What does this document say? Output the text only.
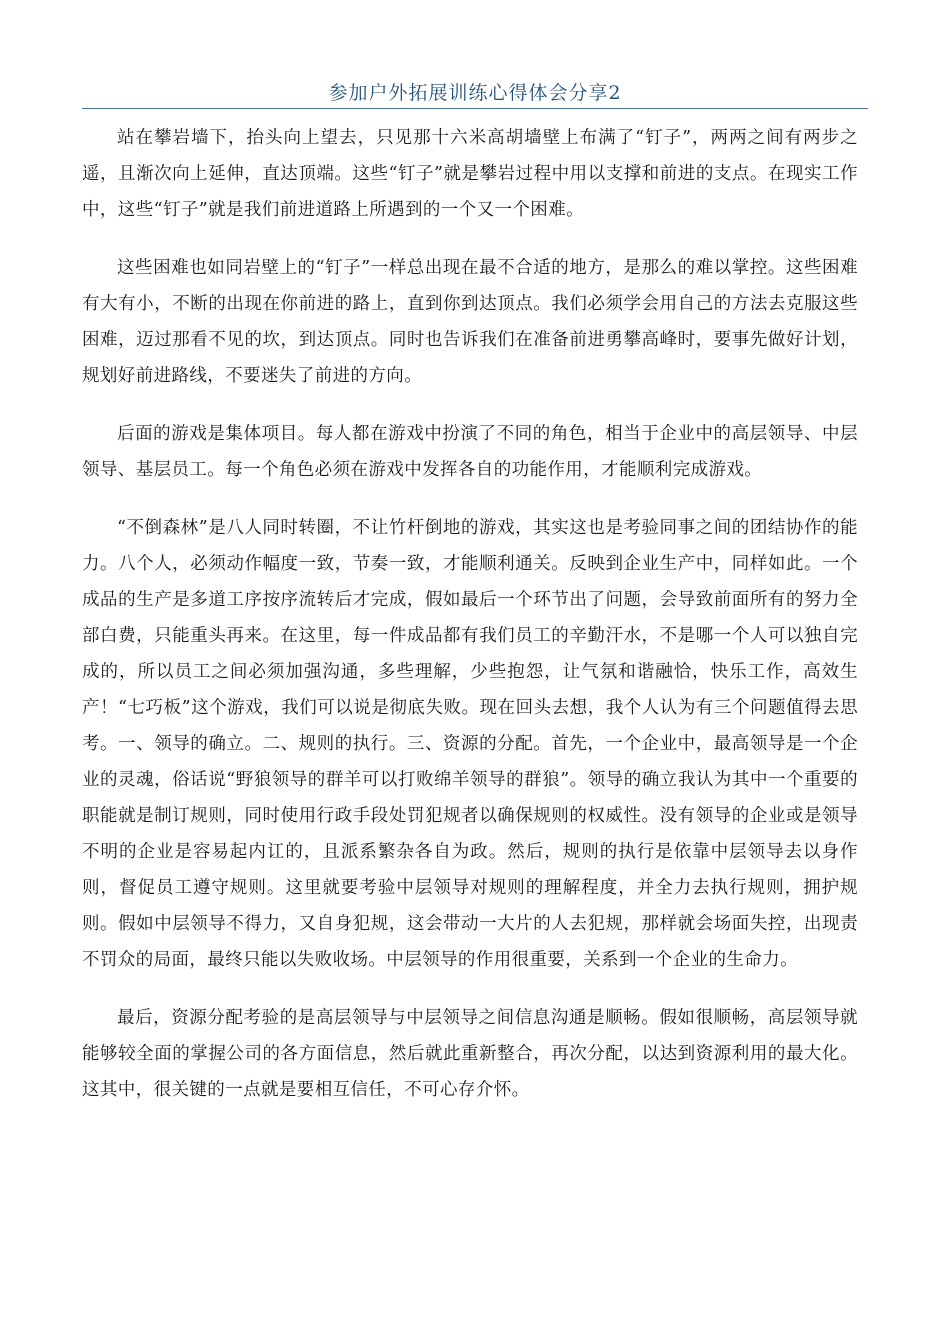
参加户外拓展训练心得体会分享2

站在攀岩墙下，抬头向上望去，只见那十六米高胡墙壁上布满了“钉子”，两两之间有两步之遥，且渐次向上延伸，直达顶端。这些“钉子”就是攀岩过程中用以支撑和前进的支点。在现实工作中，这些“钉子”就是我们前进道路上所遇到的一个又一个困难。

这些困难也如同岩壁上的“钉子”一样总出现在最不合适的地方，是那么的难以掌控。这些困难有大有小，不断的出现在你前进的路上，直到你到达顶点。我们必须学会用自己的方法去克服这些困难，迈过那看不见的坎，到达顶点。同时也告诉我们在准备前进勇攀高峰时，要事先做好计划，规划好前进路线，不要迷失了前进的方向。

后面的游戏是集体项目。每人都在游戏中扮演了不同的角色，相当于企业中的高层领导、中层领导、基层员工。每一个角色必须在游戏中发挥各自的功能作用，才能顺利完成游戏。

“不倒森林”是八人同时转圈，不让竹杆倒地的游戏，其实这也是考验同事之间的团结协作的能力。八个人，必须动作幅度一致，节奏一致，才能顺利通关。反映到企业生产中，同样如此。一个成品的生产是多道工序按序流转后才完成，假如最后一个环节出了问题，会导致前面所有的努力全部白费，只能重头再来。在这里，每一件成品都有我们员工的辛勤汗水，不是哪一个人可以独自完成的，所以员工之间必须加强沟通，多些理解，少些抱怨，让气氛和谐融恰，快乐工作，高效生产！“七巧板”这个游戏，我们可以说是彻底失败。现在回头去想，我个人认为有三个问题值得去思考。一、领导的确立。二、规则的执行。三、资源的分配。首先，一个企业中，最高领导是一个企业的灵魂，俗话说“野狼领导的群羊可以打败绵羊领导的群狼”。领导的确立我认为其中一个重要的职能就是制订规则，同时使用行政手段处罚犯规者以确保规则的权威性。没有领导的企业或是领导不明的企业是容易起内讧的，且派系繁杂各自为政。然后，规则的执行是依靠中层领导去以身作则，督促员工遵守规则。这里就要考验中层领导对规则的理解程度，并全力去执行规则，拥护规则。假如中层领导不得力，又自身犯规，这会带动一大片的人去犯规，那样就会场面失控，出现责不罚众的局面，最终只能以失败收场。中层领导的作用很重要，关系到一个企业的生命力。

最后，资源分配考验的是高层领导与中层领导之间信息沟通是顺畅。假如很顺畅，高层领导就能够较全面的掌握公司的各方面信息，然后就此重新整合，再次分配，以达到资源利用的最大化。这其中，很关键的一点就是要相互信任，不可心存介怀。
